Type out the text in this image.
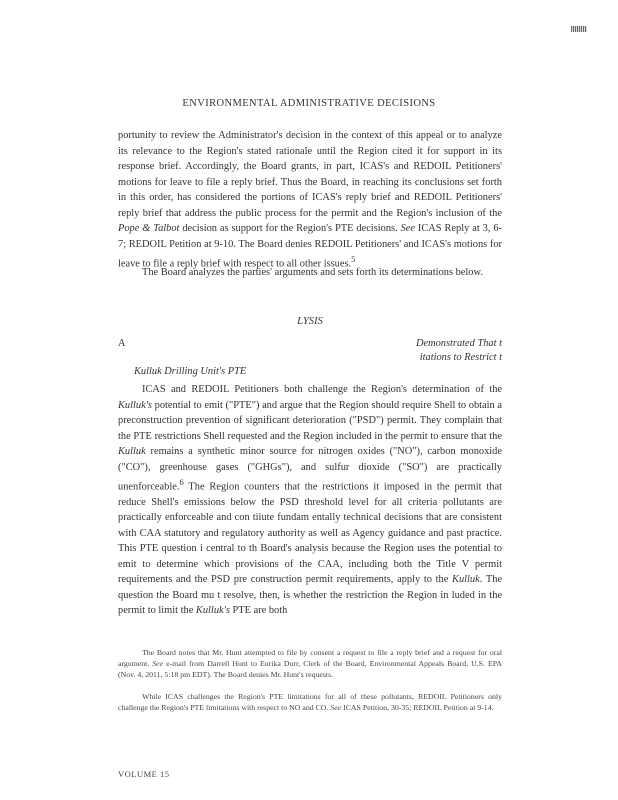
ENVIRONMENTAL ADMINISTRATIVE DECISIONS

portunity to review the Administrator's decision in the context of this appeal or to analyze its relevance to the Region's stated rationale until the Region cited it for support in its response brief. Accordingly, the Board grants, in part, ICAS's and REDOIL Petitioners' motions for leave to file a reply brief. Thus the Board, in reaching its conclusions set forth in this order, has considered the portions of ICAS's reply brief and REDOIL Petitioners' reply brief that address the public process for the permit and the Region's inclusion of the Pope & Talbot decision as support for the Region's PTE decisions. See ICAS Reply at 3, 6-7; REDOIL Petition at 9-10. The Board denies REDOIL Petitioners' and ICAS's motions for leave to file a reply brief with respect to all other issues.$^5$

The Board analyzes the parties' arguments and sets forth its determinations below.

LYSIS
A	Demonstrated That t
itations to Restrict t
Kulluk Drilling Unit's PTE

ICAS and REDOIL Petitioners both challenge the Region's determination of the Kulluk's potential to emit ("PTE") and argue that the Region should require Shell to obtain a preconstruction prevention of significant deterioration ("PSD") permit. They complain that the PTE restrictions Shell requested and the Region included in the permit to ensure that the Kulluk remains a synthetic minor source for nitrogen oxides ("NO"), carbon monoxide ("CO"), greenhouse gases ("GHGs"), and sulfur dioxide ("SO") are practically unenforceable.$^6$ The Region counters that the restrictions it imposed in the permit that reduce Shell's emissions below the PSD threshold level for all criteria pollutants are practically enforceable and con tiiute fundam entally technical decisions that are consistent with CAA statutory and regulatory authority as well as Agency guidance and past practice. This PTE question i central to th Board's analysis because the Region uses the potential to emit to determine which provisions of the CAA, including both the Title V permit requirements and the PSD pre construction permit requirements, apply to the Kulluk. The question the Board mu t resolve, then, is whether the restriction the Region in luded in the permit to limit the Kulluk's PTE are both

The Board notes that Mr. Hunt attempted to file by consent a request to file a reply brief and a request for oral argument. See e-mail from Darrell Hunt to Eurika Durr, Clerk of the Board, Environmental Appeals Board, U.S. EPA (Nov. 4, 2011, 5:18 pm EDT). The Board denies Mr. Hunt's requests.

While ICAS challenges the Region's PTE limitations for all of these pollutants, REDOIL Petitioners only challenge the Region's PTE limitations with respect to NO and CO. See ICAS Petition, 30-35; REDOIL Petition at 9-14.

VOLUME 15
